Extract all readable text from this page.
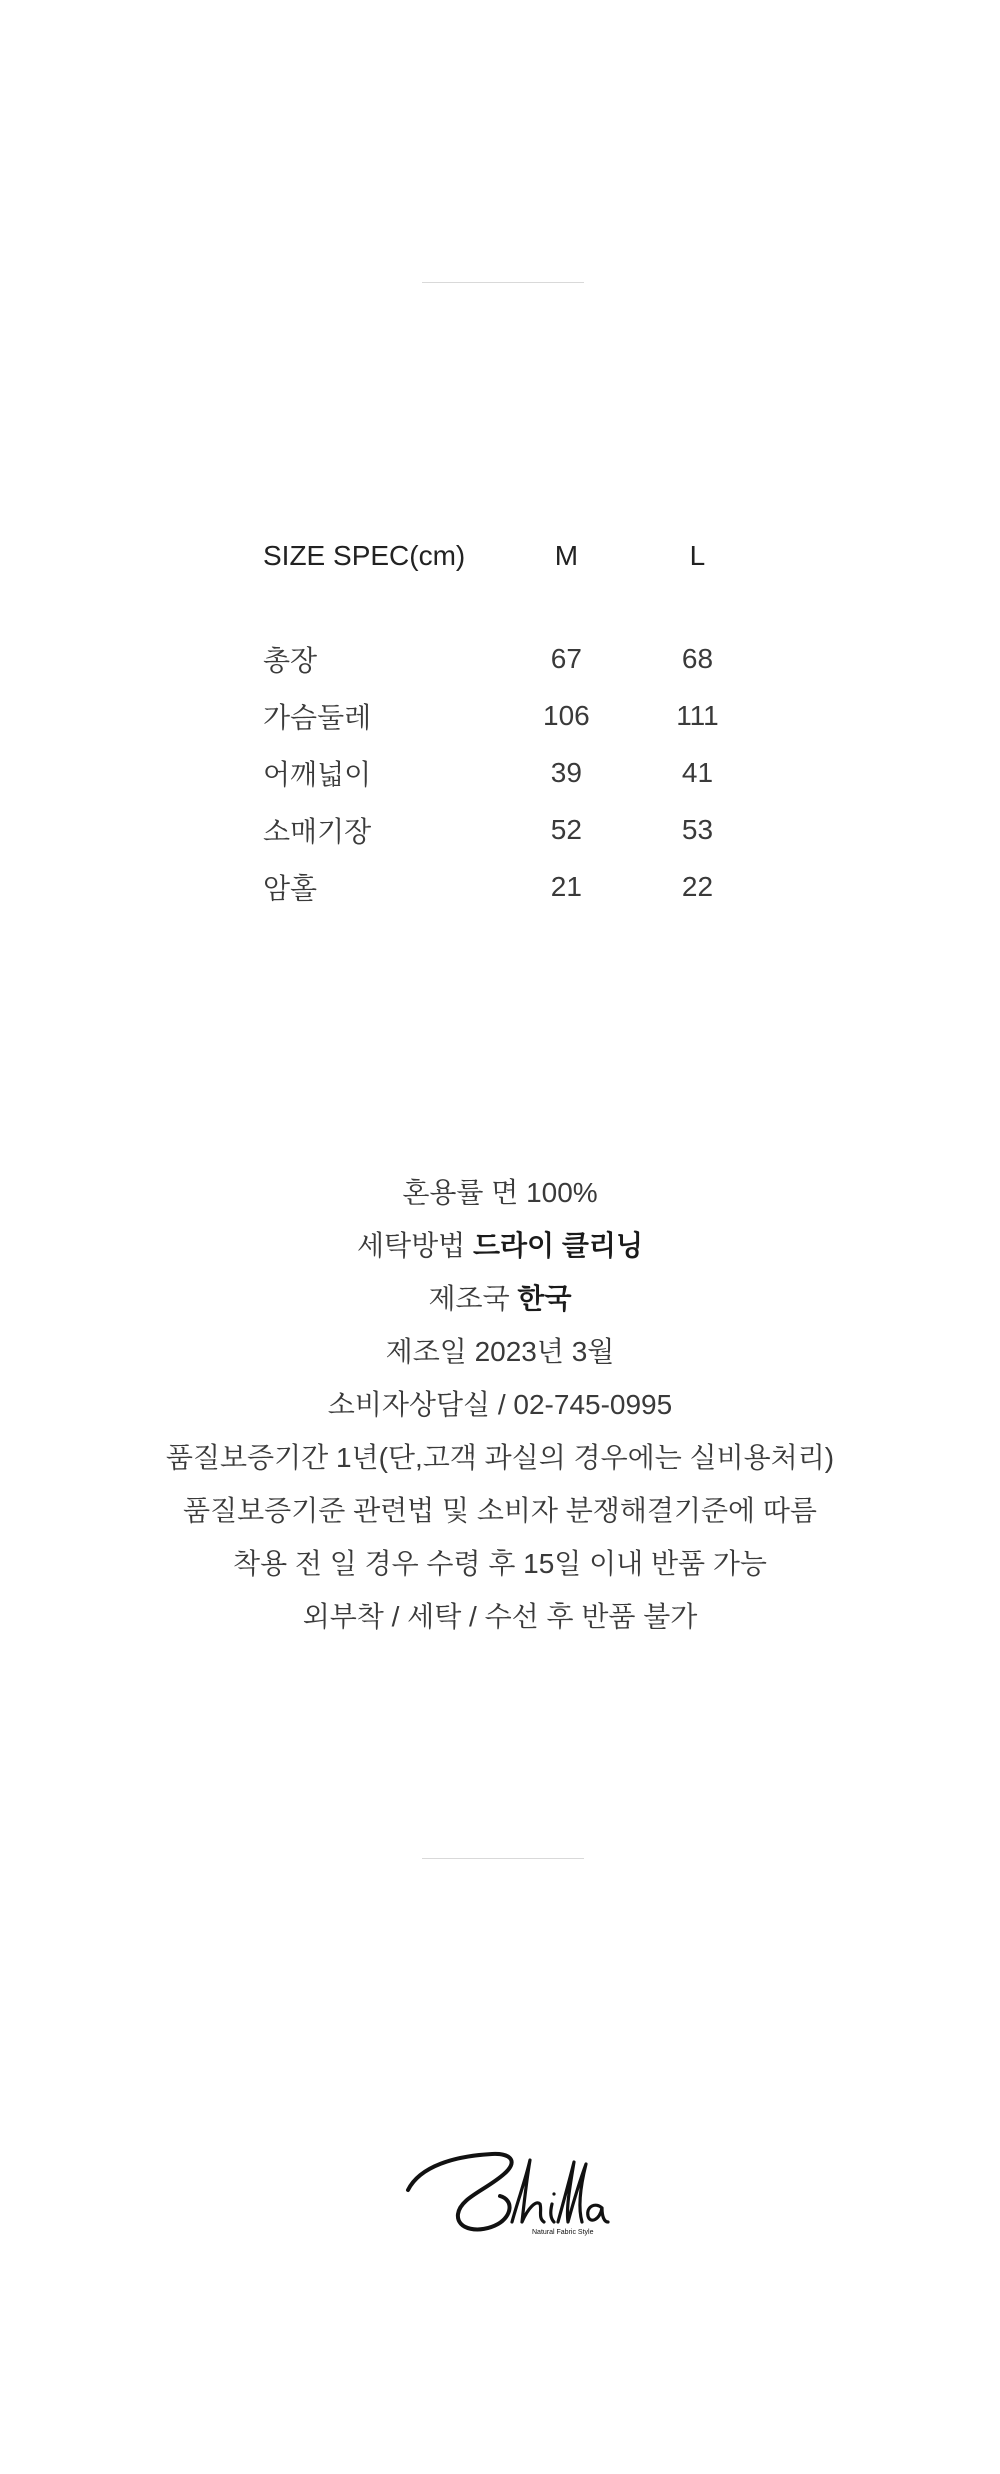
SIZE SPEC(cm)	M	L
총장	67	68
가슴둘레	106	111
어깨넓이	39	41
소매기장	52	53
암홀	21	22
혼용률 면 100%
세탁방법 드라이 클리닝
제조국 한국
제조일 2023년 3월
소비자상담실 / 02-745-0995
품질보증기간 1년(단,고객 과실의 경우에는 실비용처리)
품질보증기준 관련법 및 소비자 분쟁해결기준에 따름
착용 전 일 경우 수령 후 15일 이내 반품 가능
외부착 / 세탁 / 수선 후 반품 불가
Natural Fabric Style
